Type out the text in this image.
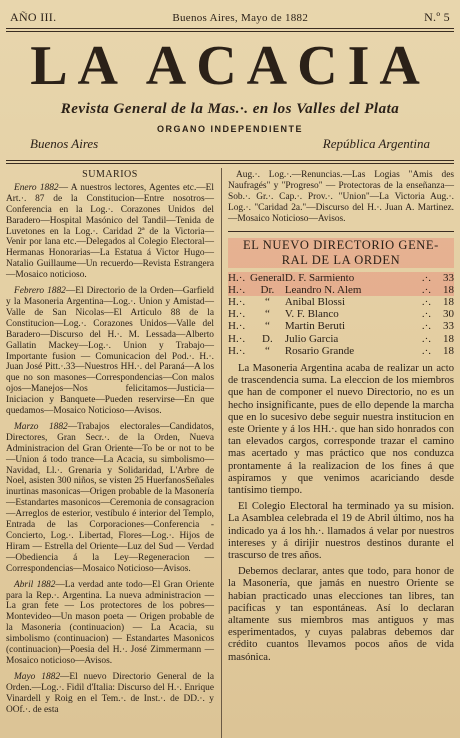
AÑO III.	Buenos Aires, Mayo de 1882	N.º 5
LA ACACIA
Revista General de la Mas.·. en los Valles del Plata
ORGANO INDEPENDIENTE
Buenos Aires	República Argentina
SUMARIOS

Enero 1882— A nuestros lectores, Agentes etc.—El Art.·. 87 de la Constitucion—Entre nosotros—Conferencia en la Log.·. Corazones Unidos del Baradero—Hospital Masónico del Tandil—Tenida de Luvetones en la Log.·. Caridad 2ª de la Victoria—Venir por lana etc.—Delegados al Colegio Electoral—Hermanas Honorarias—La Estatua á Victor Hugo—Natalio Guillaume—Un recuerdo—Revista Estrangera—Mosaico noticioso.

Febrero 1882—El Directorio de la Orden—Garfield y la Masoneria Argentina—Log.·. Union y Amistad—Valle de San Nicolas—El Articulo 88 de la Constitucion—Log.·. Corazones Unidos—Valle del Baradero—Discurso del H.·. M. Lessada—Alberto Gallatin Mackey—Log.·. Union y Trabajo—Importante fusion — Comunicacion del Pod.·. H.·. Juan José Pitt.·.33—Nuestros HH.·. del Paraná—A los que no son masones—Correspondencias—Con malos ojos—Manejos—Nos felicitamos—Justicia—Iniciacion y Banquete—Pueden reservirse—En que quedamos—Mosaico Noticioso—Avisos.

Marzo 1882—Trabajos electorales—Candidatos, Directores, Gran Secr.·. de la Orden, Nueva Administracion del Gran Oriente—To be or not to be—Union á todo trance—La Acacia, su simbolismo—Navidad, Ll.·. Grenaria y Solidaridad, L'Arbre de Noel, asisten 300 niños, se visten 25 HuerfanosSeñales inurtinas masonicas—Origen probable de la Masonería—Estandartes masonicos—Ceremonia de consagracion—Arreglos de esterior, vestíbulo é interior del Templo, Entrada de las Corporaciones—Conferencia - Concierto, Log.·. Libertad, Flores—Log.·. Hijos de Hiram — Estrella del Oriente—Luz del Sud — Verdad—Obediencia á la Ley—Regeneracion — Correspondencias—Mosaico Noticioso—Avisos.

Abril 1882—La verdad ante todo—El Gran Oriente para la Rep.·. Argentina. La nueva administracion — La gran fete — Los protectores de los pobres—Montevideo—Un mason poeta — Origen probable de la Masoneria (continuacion) — La Acacia, su simbolismo (continuacion) — Estandartes Masonicos (continuacion)—Poesia del H.·. José Zimmermann — Mosaico noticioso—Avisos.

Mayo 1882—El nuevo Directorio General de la Orden.—Log.·. Fidil d'Italia: Discurso del H.·. Enrique Vinardell y Roig en el Tem.·. de Inst.·. de DD.·. y OOf.·. de esta

Aug.·. Log.·.—Renuncias.—Las Logias "Amis des Naufragés" y "Progreso" — Protectoras de la enseñanza—Sob.·. Gr.·. Cap.·. Prov.·. "Union"—La Victoria Aug.·. Log.·. "Caridad 2a."—Discurso del H.·. Juan A. Martinez.—Mosaico Noticioso—Avisos.

EL NUEVO DIRECTORIO GENE-
RAL DE LA ORDEN
H.·.	General	D. F. Sarmiento	.·.	33
H.·.	Dr.	Leandro N. Alem	.·.	18
H.·.	“	Anibal Blossi	.·.	18
H.·.	“	V. F. Blanco	.·.	30
H.·.	“	Martin Beruti	.·.	33
H.·.	D.	Julio Garcia	.·.	18
H.·.	“	Rosario Grande	.·.	18

La Masoneria Argentina acaba de realizar un acto de trascendencia suma. La eleccion de los miembros que han de componer el nuevo Directorio, no es un hecho insignificante, pues de ello depende la marcha que en lo sucesivo debe seguir nuestra institucion en este Oriente y á los HH.·. que han sido honrados con tan elevados cargos, corresponde trazar el camino mas acertado y mas práctico que nos conduzca prontamente á la realizacion de los fines á que aspiramos y que venimos acariciando desde tantísimo tiempo.

El Colegio Electoral ha terminado ya su mision. La Asamblea celebrada el 19 de Abril último, nos ha indicado ya á los hh.·. llamados á velar por nuestros intereses y á dirijir nuestros destinos durante el trascurso de tres años.

Debemos declarar, antes que todo, para honor de la Masonería, que jamás en nuestro Oriente se habian practicado unas elecciones tan libres, tan pacificas y tan espontáneas. Así lo declaran altamente sus miembros mas antiguos y mas esperimentados, y cuyas palabras debemos dar crédito cuantos llevamos pocos años de vida masónica.
